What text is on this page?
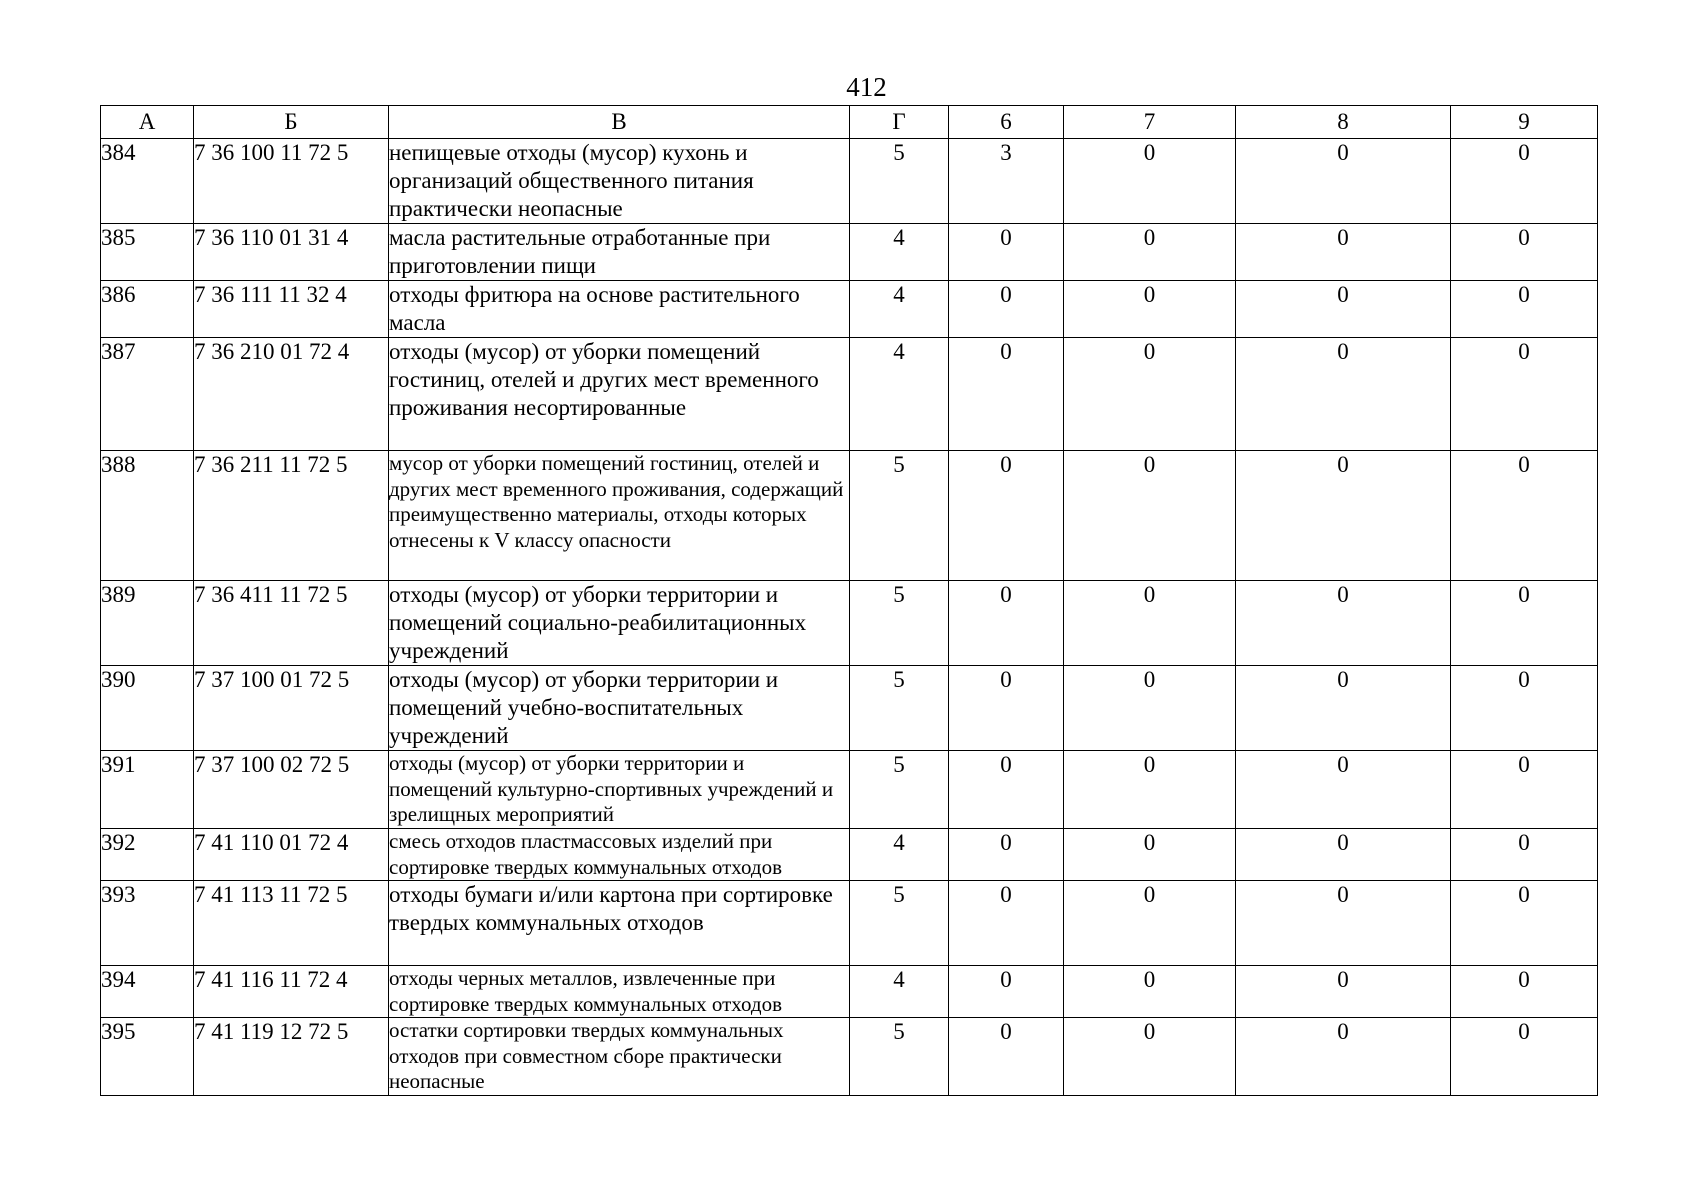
412
А	Б	В	Г	6	7	8	9
384	7 36 100 11 72 5	непищевые отходы (мусор) кухонь и организаций общественного питания практически неопасные	5	3	0	0	0
385	7 36 110 01 31 4	масла растительные отработанные при приготовлении пищи	4	0	0	0	0
386	7 36 111 11 32 4	отходы фритюра на основе растительного масла	4	0	0	0	0
387	7 36 210 01 72 4	отходы (мусор) от уборки помещений гостиниц, отелей и других мест временного проживания несортированные	4	0	0	0	0
388	7 36 211 11 72 5	мусор от уборки помещений гостиниц, отелей и других мест временного проживания, содержащий преимущественно материалы, отходы которых отнесены к V классу опасности	5	0	0	0	0
389	7 36 411 11 72 5	отходы (мусор) от уборки территории и помещений социально-реабилитационных учреждений	5	0	0	0	0
390	7 37 100 01 72 5	отходы (мусор) от уборки территории и помещений учебно-воспитательных учреждений	5	0	0	0	0
391	7 37 100 02 72 5	отходы (мусор) от уборки территории и помещений культурно-спортивных учреждений и зрелищных мероприятий	5	0	0	0	0
392	7 41 110 01 72 4	смесь отходов пластмассовых изделий при сортировке твердых коммунальных отходов	4	0	0	0	0
393	7 41 113 11 72 5	отходы бумаги и/или картона при сортировке твердых коммунальных отходов	5	0	0	0	0
394	7 41 116 11 72 4	отходы черных металлов, извлеченные при сортировке твердых коммунальных отходов	4	0	0	0	0
395	7 41 119 12 72 5	остатки сортировки твердых коммунальных отходов при совместном сборе практически неопасные	5	0	0	0	0
